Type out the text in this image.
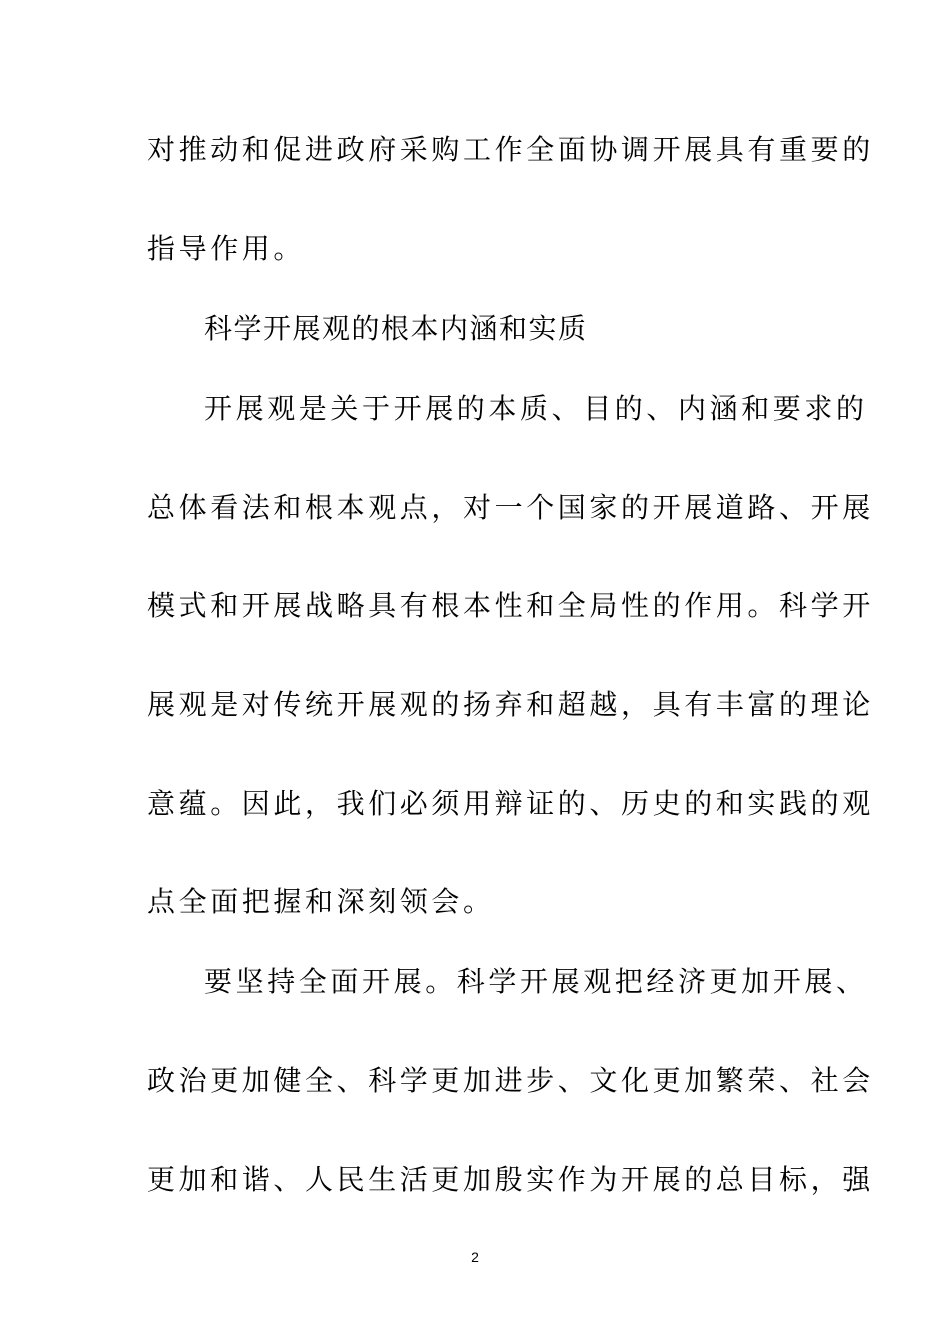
对推动和促进政府采购工作全面协调开展具有重要的
指导作用。
科学开展观的根本内涵和实质
开展观是关于开展的本质、目的、内涵和要求的
总体看法和根本观点，对一个国家的开展道路、开展
模式和开展战略具有根本性和全局性的作用。科学开
展观是对传统开展观的扬弃和超越，具有丰富的理论
意蕴。因此，我们必须用辩证的、历史的和实践的观
点全面把握和深刻领会。
要坚持全面开展。科学开展观把经济更加开展、
政治更加健全、科学更加进步、文化更加繁荣、社会
更加和谐、人民生活更加殷实作为开展的总目标，强
2
